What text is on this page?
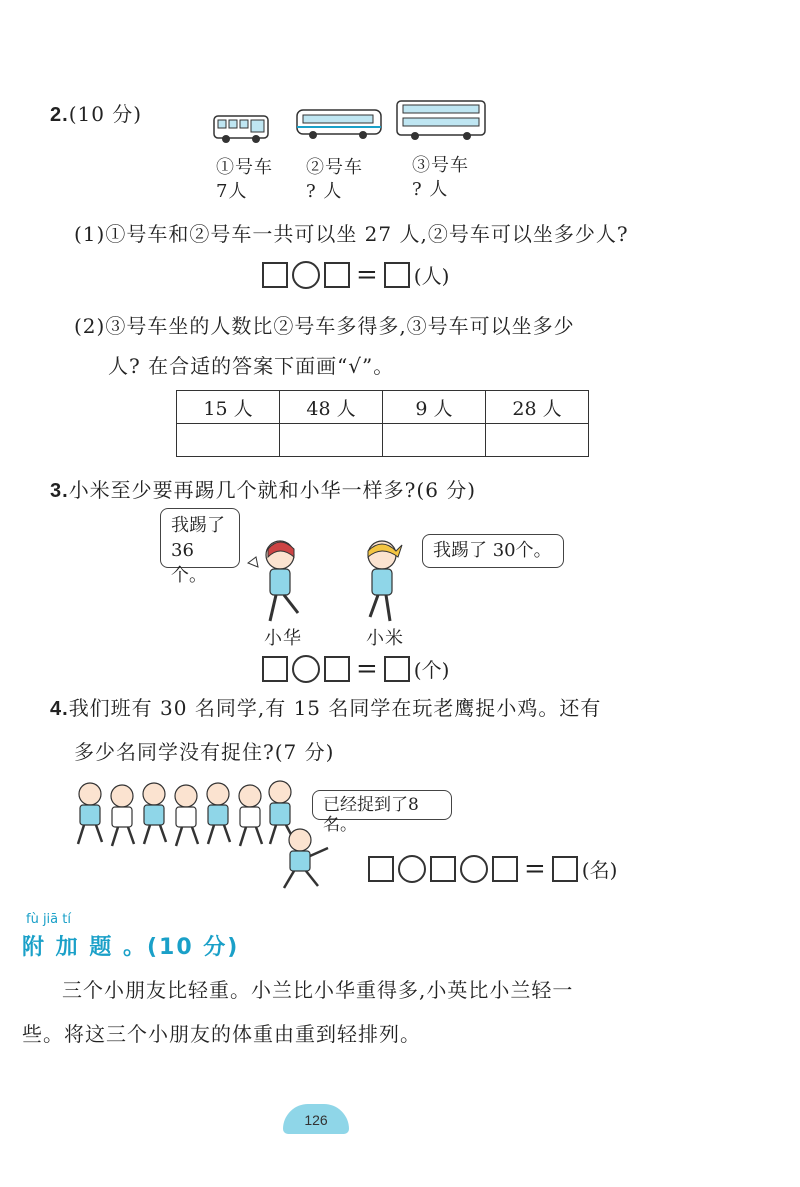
2.(10 分)
①号车
7人
②号车
? 人
③号车
? 人
(1)①号车和②号车一共可以坐 27 人,②号车可以坐多少人?
= (人)
(2)③号车坐的人数比②号车多得多,③号车可以坐多少
人? 在合适的答案下面画“√”。
15 人	48 人	9 人	28 人

3.小米至少要再踢几个就和小华一样多?(6 分)
我踢了
36个。
我踢了 30个。
小华	小米
= (个)
4.我们班有 30 名同学,有 15 名同学在玩老鹰捉小鸡。还有
多少名同学没有捉住?(7 分)
已经捉到了8名。
= (名)
fù jiā tí
附 加 题 。(10 分)
三个小朋友比轻重。小兰比小华重得多,小英比小兰轻一
些。将这三个小朋友的体重由重到轻排列。
126
